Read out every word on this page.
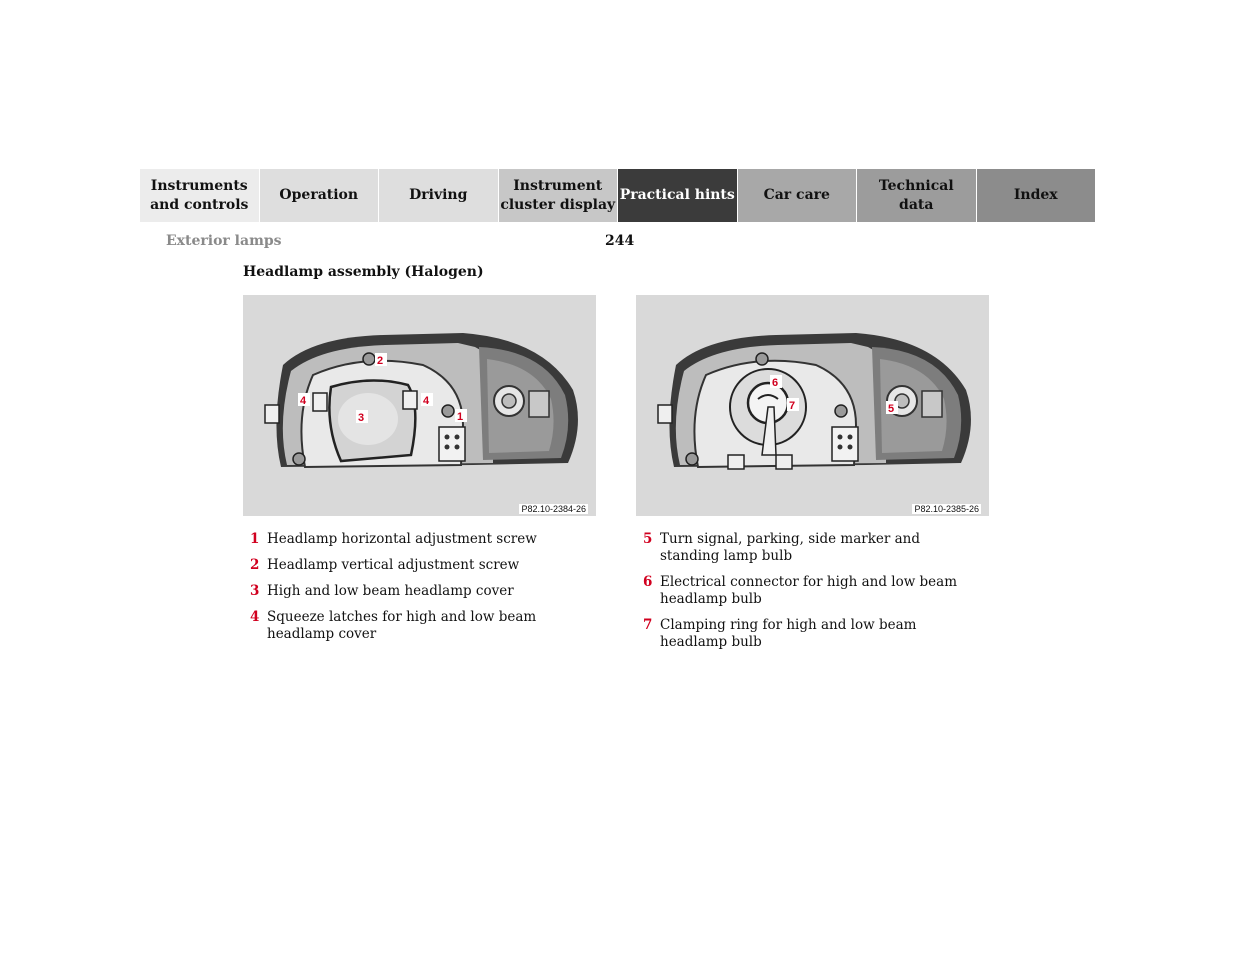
Instruments
and controls
Operation	Driving
Instrument
cluster display
Practical hints	Car care
Technical
data
Index
Exterior lamps	244
Headlamp assembly (Halogen)
2
4	4
3	1
P82.10-2384-26
6
7	5
P82.10-2385-26
1 Headlamp horizontal adjustment screw
2 Headlamp vertical adjustment screw
3 High and low beam headlamp cover
4 Squeeze latches for high and low beam headlamp cover
5 Turn signal, parking, side marker and standing lamp bulb
6 Electrical connector for high and low beam headlamp bulb
7 Clamping ring for high and low beam headlamp bulb
